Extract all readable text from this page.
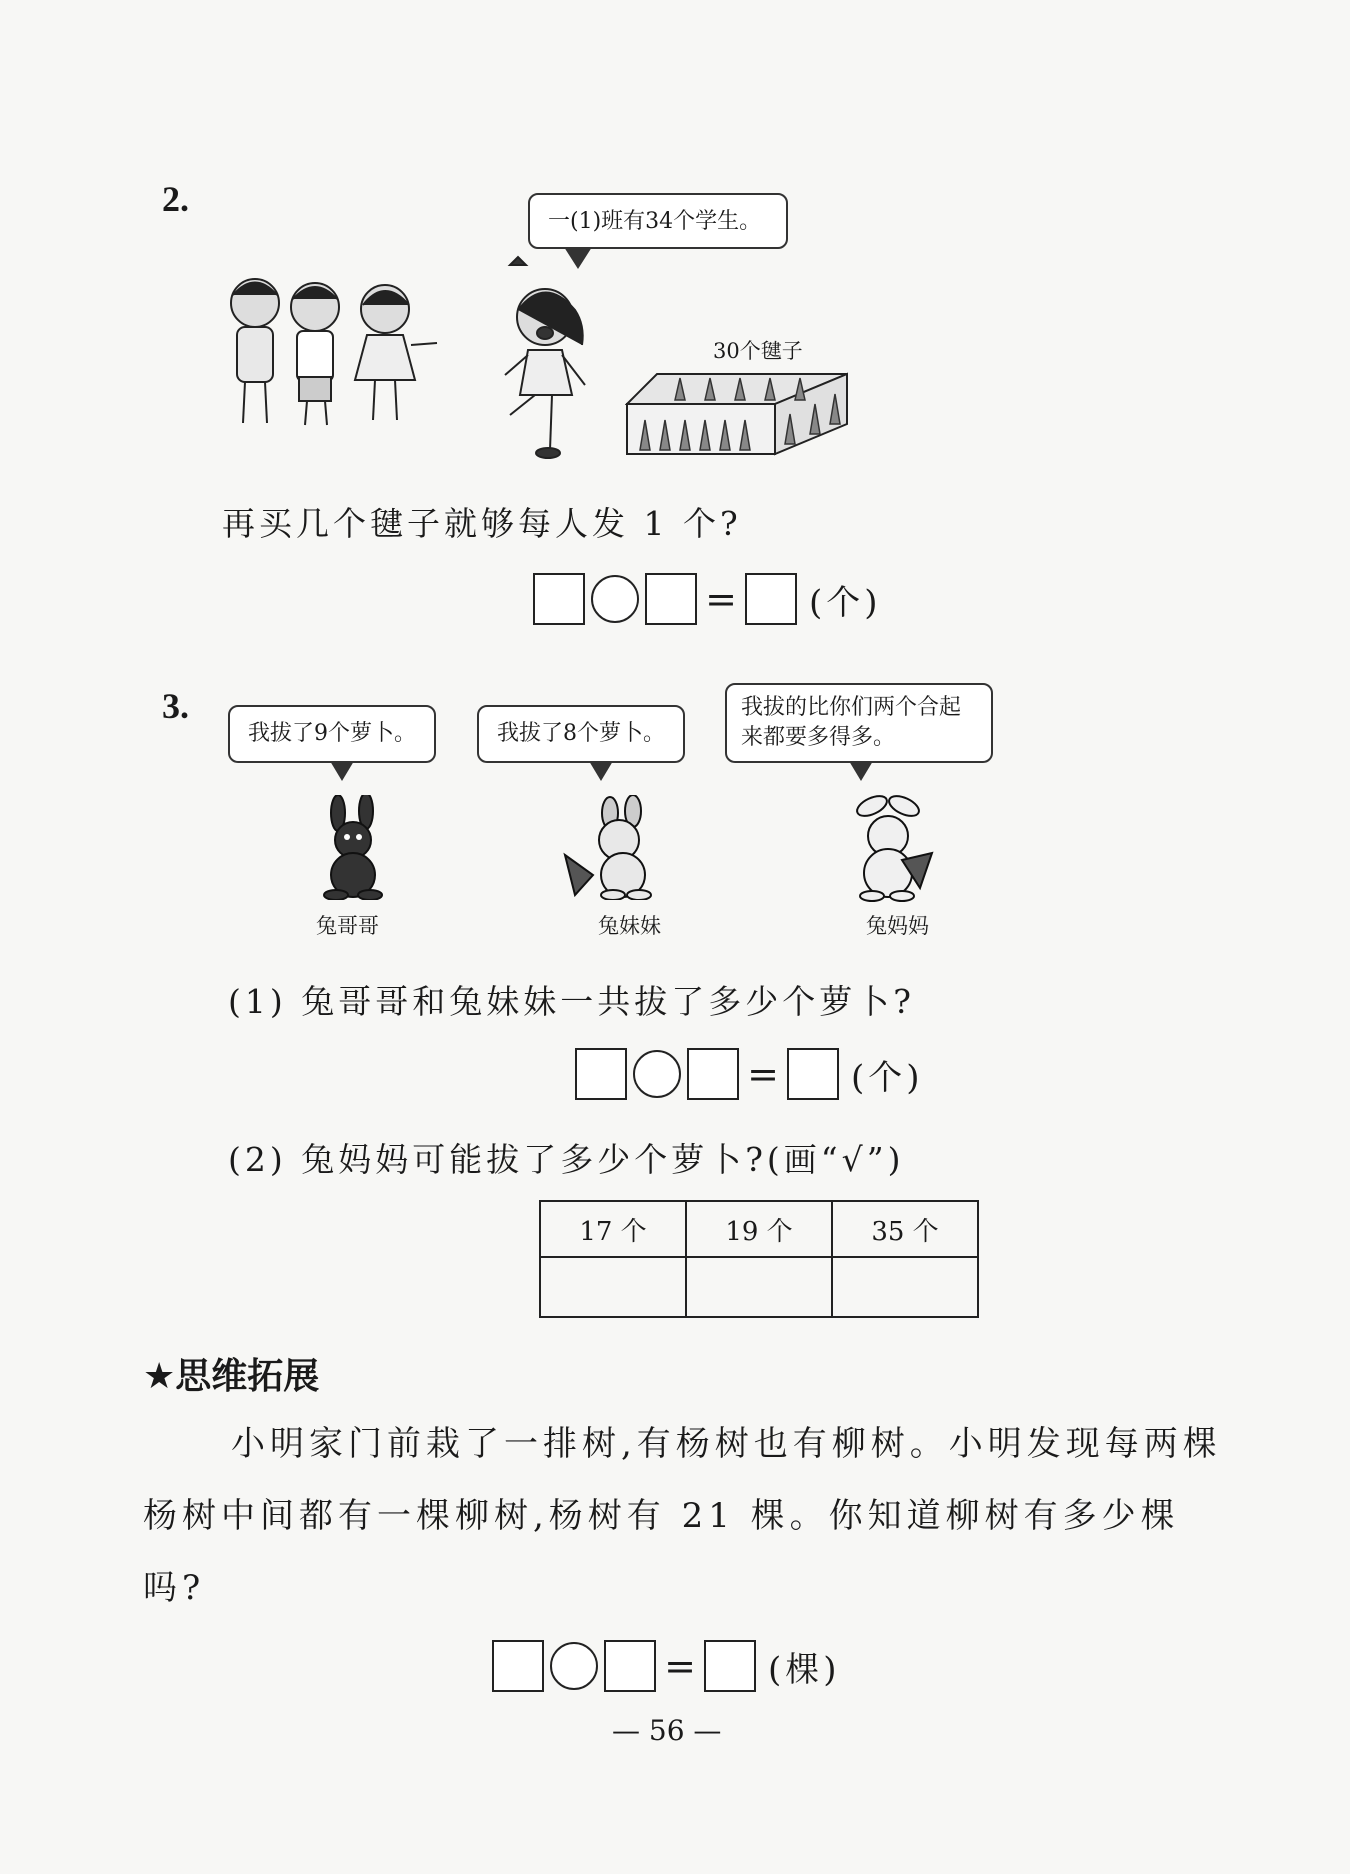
2.
一(1)班有34个学生。
30个毽子
再买几个毽子就够每人发 1 个?
= (个)
3.
我拔了9个萝卜。	我拔了8个萝卜。
我拔的比你们两个合起来都要多得多。
兔哥哥	兔妹妹	兔妈妈
(1) 兔哥哥和兔妹妹一共拔了多少个萝卜?
= (个)
(2) 兔妈妈可能拔了多少个萝卜?(画“√”)
17 个	19 个	35 个

★思维拓展
小明家门前栽了一排树,有杨树也有柳树。小明发现每两棵杨树中间都有一棵柳树,杨树有 21 棵。你知道柳树有多少棵吗?
= (棵)
— 56 —
